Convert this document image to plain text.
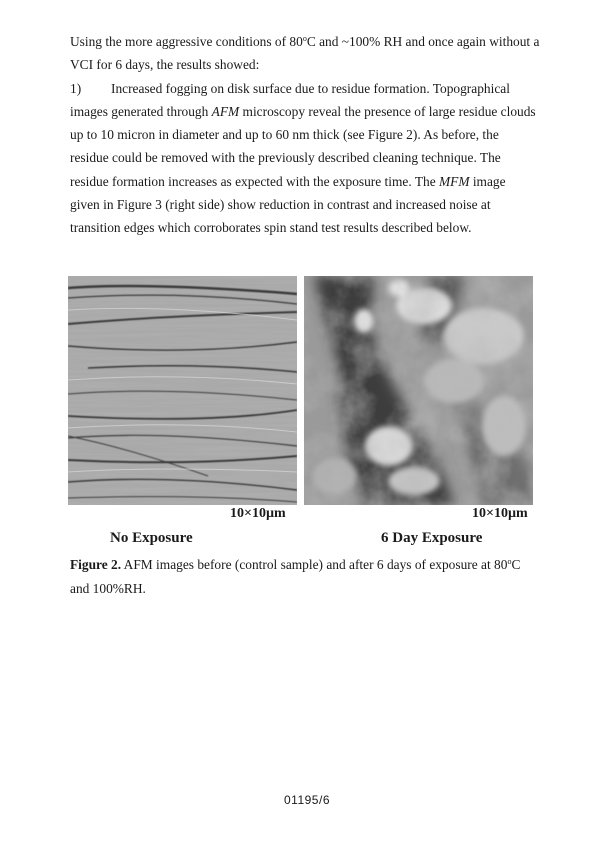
Using the more aggressive conditions of 80$^o$C and ~100% RH and once again without a
VCI for 6 days, the results showed:
1) Increased fogging on disk surface due to residue formation. Topographical
images generated through AFM microscopy reveal the presence of large residue clouds
up to 10 micron in diameter and up to 60 nm thick (see Figure 2). As before, the
residue could be removed with the previously described cleaning technique. The
residue formation increases as expected with the exposure time. The MFM image
given in Figure 3 (right side) show reduction in contrast and increased noise at
transition edges which corroborates spin stand test results described below.
10×10µm	10×10µm
No Exposure	6 Day Exposure
Figure 2. AFM images before (control sample) and after 6 days of exposure at 80$^o$C
and 100%RH.
01195/6
